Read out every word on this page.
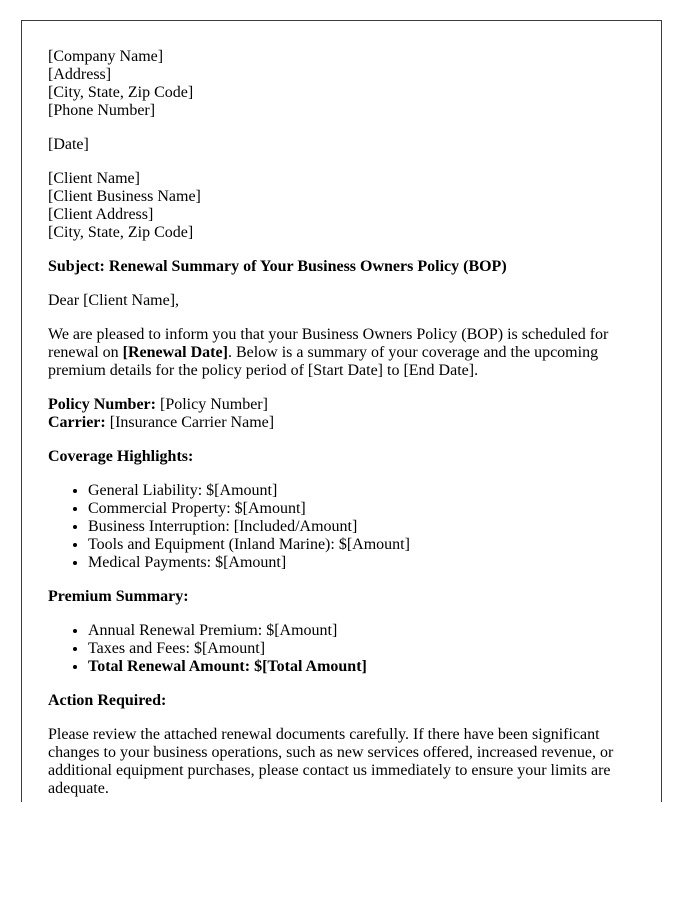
[Company Name]
[Address]
[City, State, Zip Code]
[Phone Number]

[Date]

[Client Name]
[Client Business Name]
[Client Address]
[City, State, Zip Code]

Subject: Renewal Summary of Your Business Owners Policy (BOP)

Dear [Client Name],

We are pleased to inform you that your Business Owners Policy (BOP) is scheduled for renewal on [Renewal Date]. Below is a summary of your coverage and the upcoming premium details for the policy period of [Start Date] to [End Date].

Policy Number: [Policy Number]
Carrier: [Insurance Carrier Name]

Coverage Highlights:

• General Liability: $[Amount]
• Commercial Property: $[Amount]
• Business Interruption: [Included/Amount]
• Tools and Equipment (Inland Marine): $[Amount]
• Medical Payments: $[Amount]

Premium Summary:

• Annual Renewal Premium: $[Amount]
• Taxes and Fees: $[Amount]
• Total Renewal Amount: $[Total Amount]

Action Required:

Please review the attached renewal documents carefully. If there have been significant changes to your business operations, such as new services offered, increased revenue, or additional equipment purchases, please contact us immediately to ensure your limits are adequate.
